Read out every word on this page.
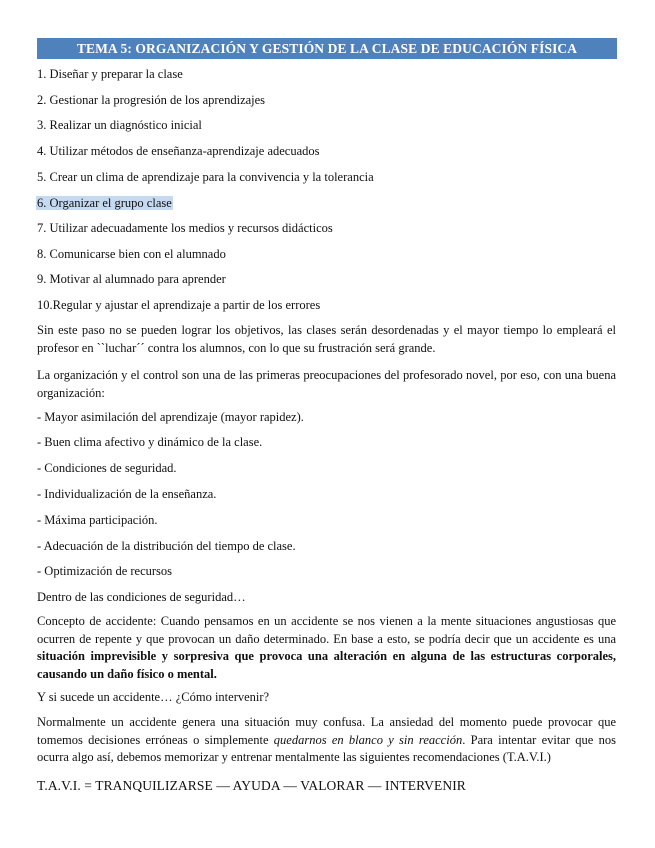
TEMA 5: ORGANIZACIÓN Y GESTIÓN DE LA CLASE DE EDUCACIÓN FÍSICA
1. Diseñar y preparar la clase
2. Gestionar la progresión de los aprendizajes
3. Realizar un diagnóstico inicial
4. Utilizar métodos de enseñanza-aprendizaje adecuados
5. Crear un clima de aprendizaje para la convivencia y la tolerancia
6. Organizar el grupo clase
7. Utilizar adecuadamente los medios y recursos didácticos
8. Comunicarse bien con el alumnado
9. Motivar al alumnado para aprender
10.Regular y ajustar el aprendizaje a partir de los errores
Sin este paso no se pueden lograr los objetivos, las clases serán desordenadas y el mayor tiempo lo empleará el profesor en ``luchar´´ contra los alumnos, con lo que su frustración será grande.
La organización y el control son una de las primeras preocupaciones del profesorado novel, por eso, con una buena organización:
- Mayor asimilación del aprendizaje (mayor rapidez).
- Buen clima afectivo y dinámico de la clase.
- Condiciones de seguridad.
- Individualización de la enseñanza.
- Máxima participación.
- Adecuación de la distribución del tiempo de clase.
- Optimización de recursos
Dentro de las condiciones de seguridad…
Concepto de accidente: Cuando pensamos en un accidente se nos vienen a la mente situaciones angustiosas que ocurren de repente y que provocan un daño determinado. En base a esto, se podría decir que un accidente es una situación imprevisible y sorpresiva que provoca una alteración en alguna de las estructuras corporales, causando un daño físico o mental.
Y si sucede un accidente… ¿Cómo intervenir?
Normalmente un accidente genera una situación muy confusa. La ansiedad del momento puede provocar que tomemos decisiones erróneas o simplemente quedarnos en blanco y sin reacción. Para intentar evitar que nos ocurra algo así, debemos memorizar y entrenar mentalmente las siguientes recomendaciones (T.A.V.I.)
T.A.V.I. = TRANQUILIZARSE — AYUDA — VALORAR — INTERVENIR
